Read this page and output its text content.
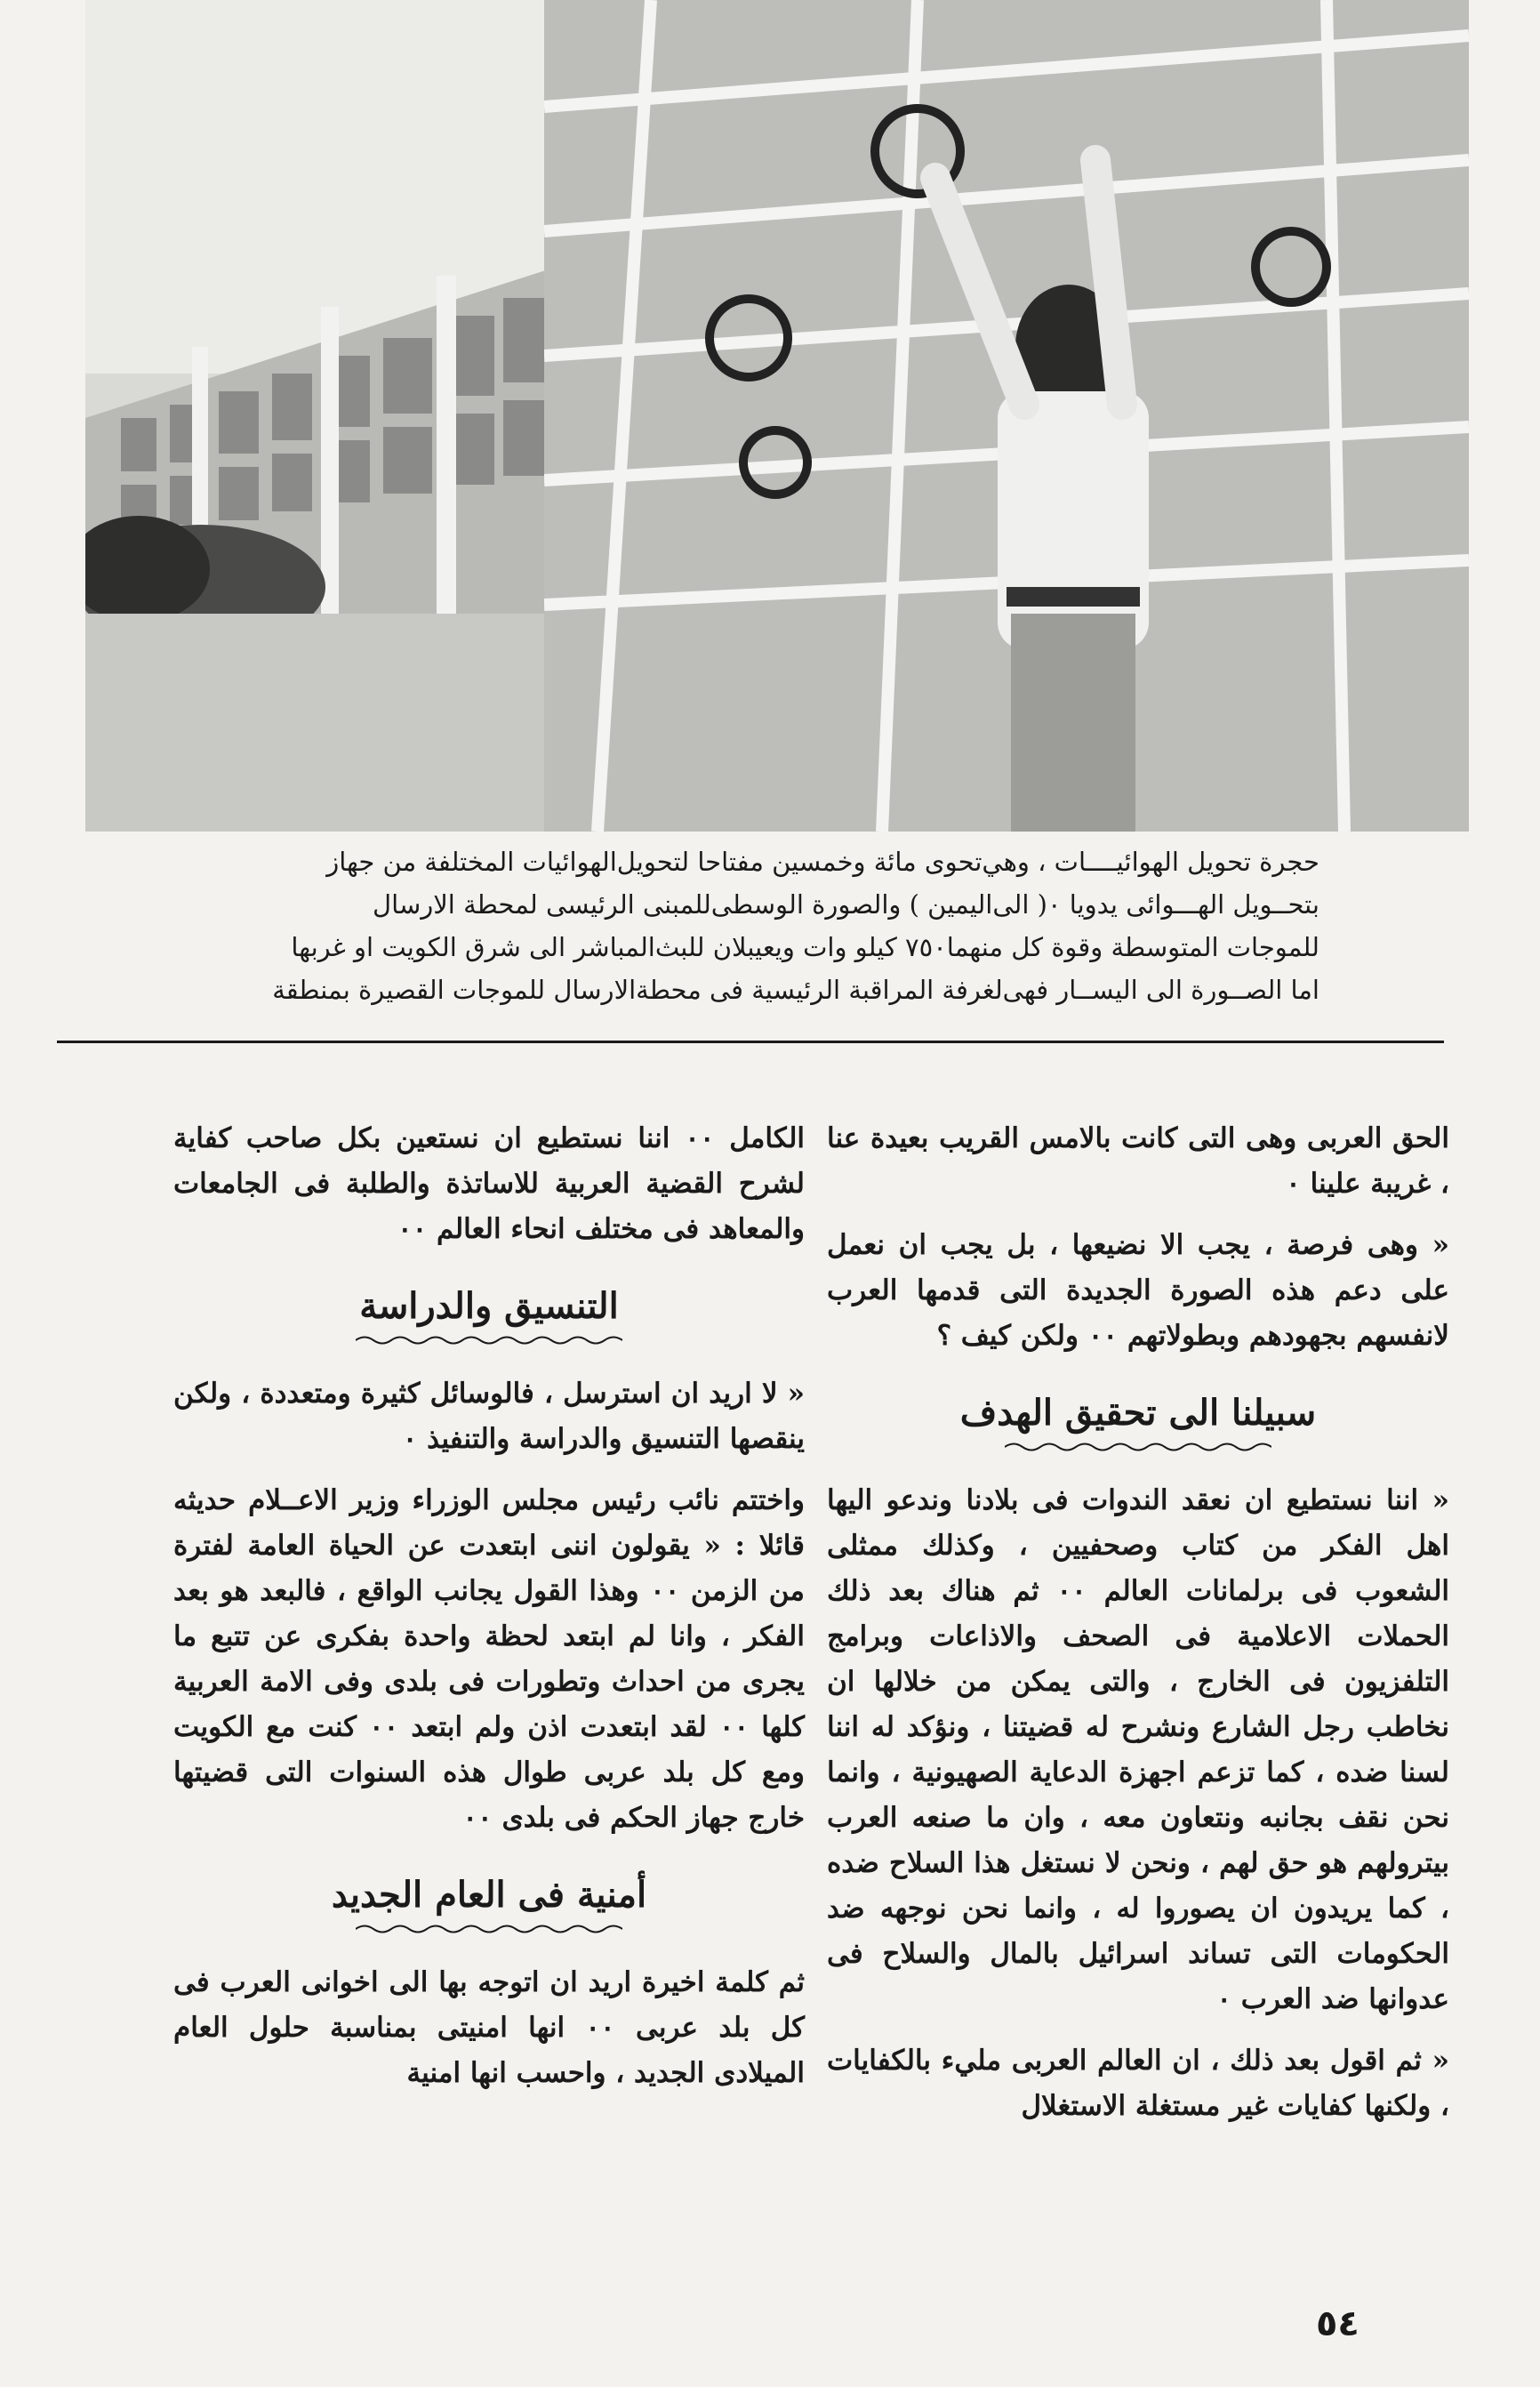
حجرة تحويل الهوائيــــات ، وهي‌تحوى مائة وخمسين مفتاحا لتحويل‌الهوائيات المختلفة من جهاز

بتحــويل الهـــوائى يدويا ٠( الى‌اليمين ) والصورة الوسطى‌للمبنى الرئيسى لمحطة الارسال

للموجات المتوسطة وقوة كل منهما٧٥٠ كيلو وات ويعيبلان للبث‌المباشر الى شرق الكويت او غربها

اما الصــورة الى اليســار فهى‌لغرفة المراقبة الرئيسية فى محطة‌الارسال للموجات القصيرة بمنطقة

الحق العربى وهى التى كانت بالامس القريب بعيدة عنا ، غريبة علينا ٠

« وهى فرصة ، يجب الا نضيعها ، بل يجب ان نعمل على دعم هذه الصورة الجديدة التى قدمها العرب لانفسهم بجهودهم وبطولاتهم ٠٠ ولكن كيف ؟

سبيلنا الى تحقيق الهدف

« اننا نستطيع ان نعقد الندوات فى بلادنا وندعو اليها اهل الفكر من كتاب وصحفيين ، وكذلك ممثلى الشعوب فى برلمانات العالم ٠٠ ثم هناك بعد ذلك الحملات الاعلامية فى الصحف والاذاعات وبرامج التلفزيون فى الخارج ، والتى يمكن من خلالها ان نخاطب رجل الشارع ونشرح له قضيتنا ، ونؤكد له اننا لسنا ضده ، كما تزعم اجهزة الدعاية الصهيونية ، وانما نحن نقف بجانبه ونتعاون معه ، وان ما صنعه العرب بيترولهم هو حق لهم ، ونحن لا نستغل هذا السلاح ضده ، كما يريدون ان يصوروا له ، وانما نحن نوجهه ضد الحكومات التى تساند اسرائيل بالمال والسلاح فى عدوانها ضد العرب ٠

« ثم اقول بعد ذلك ، ان العالم العربى مليء بالكفايات ، ولكنها كفايات غير مستغلة الاستغلال

الكامل ٠٠ اننا نستطيع ان نستعين بكل صاحب كفاية لشرح القضية العربية للاساتذة والطلبة فى الجامعات والمعاهد فى مختلف انحاء العالم ٠٠

التنسيق والدراسة

« لا اريد ان استرسل ، فالوسائل كثيرة ومتعددة ، ولكن ينقصها التنسيق والدراسة والتنفيذ ٠

واختتم نائب رئيس مجلس الوزراء وزير الاعــلام حديثه قائلا : « يقولون اننى ابتعدت عن الحياة العامة لفترة من الزمن ٠٠ وهذا القول يجانب الواقع ، فالبعد هو بعد الفكر ، وانا لم ابتعد لحظة واحدة بفكرى عن تتبع ما يجرى من احداث وتطورات فى بلدى وفى الامة العربية كلها ٠٠ لقد ابتعدت اذن ولم ابتعد ٠٠ كنت مع الكويت ومع كل بلد عربى طوال هذه السنوات التى قضيتها خارج جهاز الحكم فى بلدى ٠٠

أمنية فى العام الجديد

ثم كلمة اخيرة اريد ان اتوجه بها الى اخوانى العرب فى كل بلد عربى ٠٠ انها امنيتى بمناسبة حلول العام الميلادى الجديد ، واحسب انها امنية

٥٤
